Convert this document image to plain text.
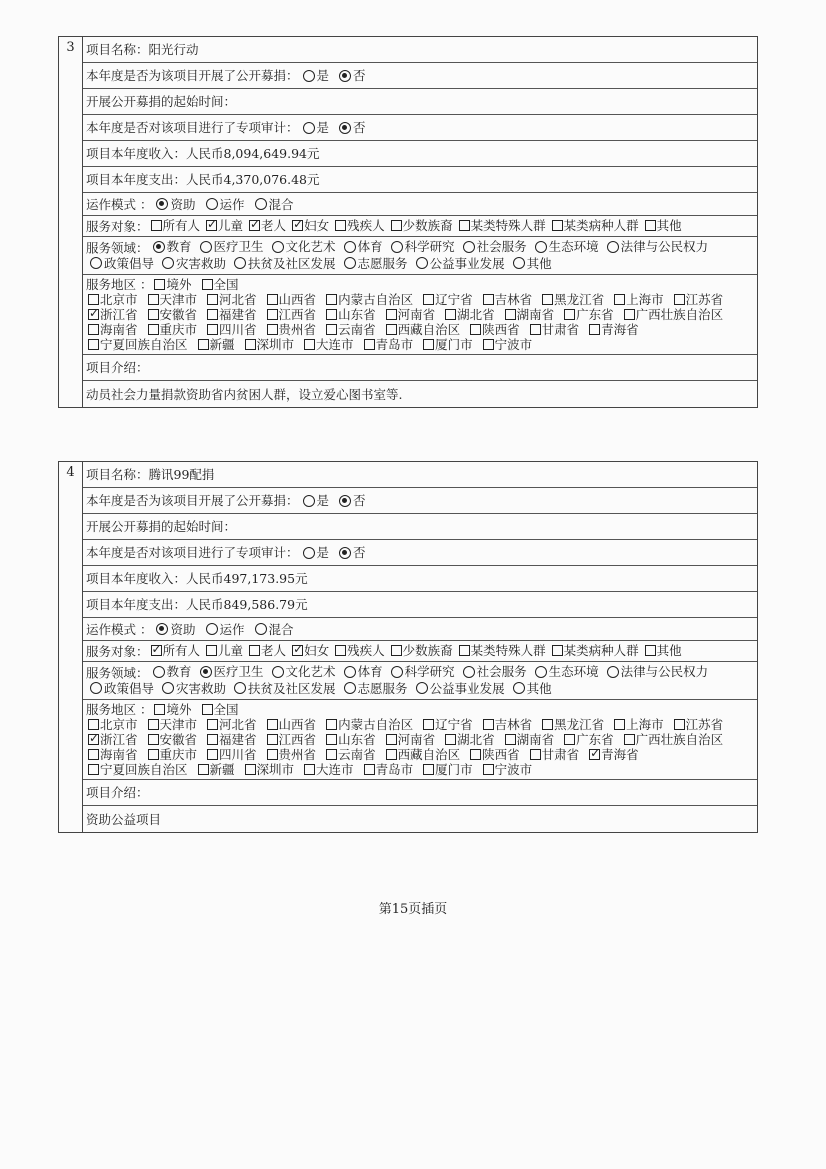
3 项目名称： 阳光行动
本年度是否为该项目开展了公开募捐： 是 否
开展公开募捐的起始时间：
本年度是否对该项目进行了专项审计： 是 否
项目本年度收入：人民币8,094,649.94元
项目本年度支出：人民币4,370,076.48元
运作模式 ： 资助 运作 混合
服务对象： 所有人 ✓ 儿童 ✓ 老人 ✓ 妇女 残疾人 少数族裔 某类特殊人群 某类病种人群 其他
服务领域： 教育 医疗卫生 文化艺术 体育 科学研究 社会服务 生态环境 法律与公民权力
政策倡导 灾害救助 扶贫及社区发展 志愿服务 公益事业发展 其他
服务地区 ： 境外 全国
北京市 天津市 河北省 山西省 内蒙古自治区 辽宁省 吉林省 黑龙江省 上海市 江苏省
✓
浙江省 安徽省 福建省 江西省 山东省 河南省 湖北省 湖南省 广东省 广西壮族自治区
海南省 重庆市 四川省 贵州省 云南省 西藏自治区 陕西省 甘肃省 青海省
宁夏回族自治区 新疆 深圳市 大连市 青岛市 厦门市 宁波市
项目介绍：
动员社会力量捐款资助省内贫困人群，设立爱心图书室等.
4 项目名称： 腾讯99配捐
本年度是否为该项目开展了公开募捐： 是 否
开展公开募捐的起始时间：
本年度是否对该项目进行了专项审计： 是 否
项目本年度收入：人民币497,173.95元
项目本年度支出：人民币849,586.79元
运作模式 ： 资助 运作 混合
服务对象： ✓ 所有人 儿童 老人 ✓ 妇女 残疾人 少数族裔 某类特殊人群 某类病种人群 其他
服务领域： 教育 医疗卫生 文化艺术 体育 科学研究 社会服务 生态环境 法律与公民权力
政策倡导 灾害救助 扶贫及社区发展 志愿服务 公益事业发展 其他
服务地区 ： 境外 全国
北京市 天津市 河北省 山西省 内蒙古自治区 辽宁省 吉林省 黑龙江省 上海市 江苏省
✓
浙江省 安徽省 福建省 江西省 山东省 河南省 湖北省 湖南省 广东省 广西壮族自治区
海南省 重庆市 四川省 贵州省 云南省 西藏自治区 陕西省 甘肃省 ✓ 青海省
宁夏回族自治区 新疆 深圳市 大连市 青岛市 厦门市 宁波市
项目介绍：
资助公益项目
第15页插页
